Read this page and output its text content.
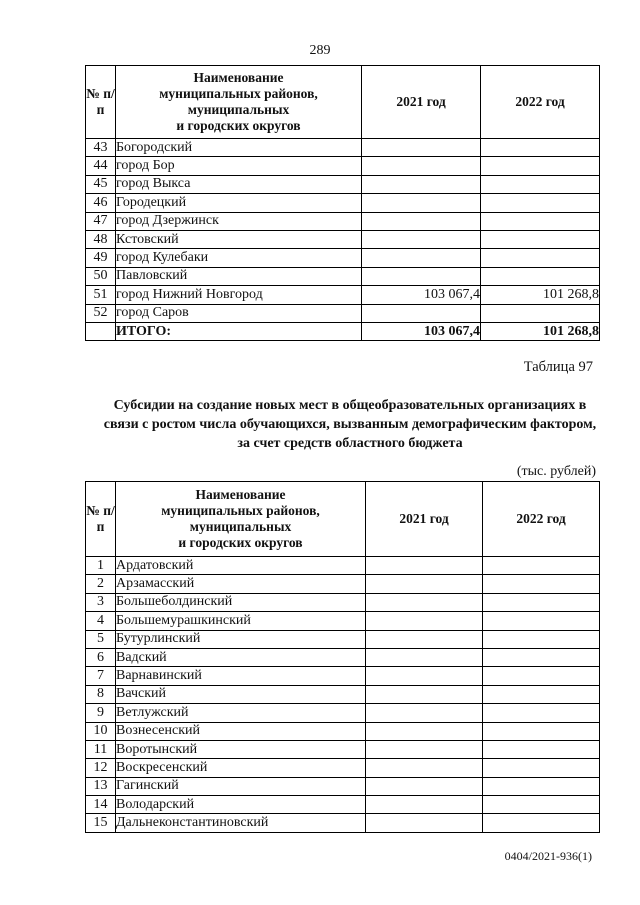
289
№ п/п	Наименование
муниципальных районов,
муниципальных
и городских округов	2021 год	2022 год
43	Богородский		
44	город Бор		
45	город Выкса		
46	Городецкий		
47	город Дзержинск		
48	Кстовский		
49	город Кулебаки		
50	Павловский		
51	город Нижний Новгород	103 067,4	101 268,8
52	город Саров		
	ИТОГО:	103 067,4	101 268,8
Таблица 97
Субсидии на создание новых мест в общеобразовательных организациях в связи с ростом числа обучающихся, вызванным демографическим фактором, за счет средств областного бюджета
(тыс. рублей)
№ п/п	Наименование
муниципальных районов,
муниципальных
и городских округов	2021 год	2022 год
1	Ардатовский		
2	Арзамасский		
3	Большеболдинский		
4	Большемурашкинский		
5	Бутурлинский		
6	Вадский		
7	Варнавинский		
8	Вачский		
9	Ветлужский		
10	Вознесенский		
11	Воротынский		
12	Воскресенский		
13	Гагинский		
14	Володарский		
15	Дальнеконстантиновский		
0404/2021-936(1)
